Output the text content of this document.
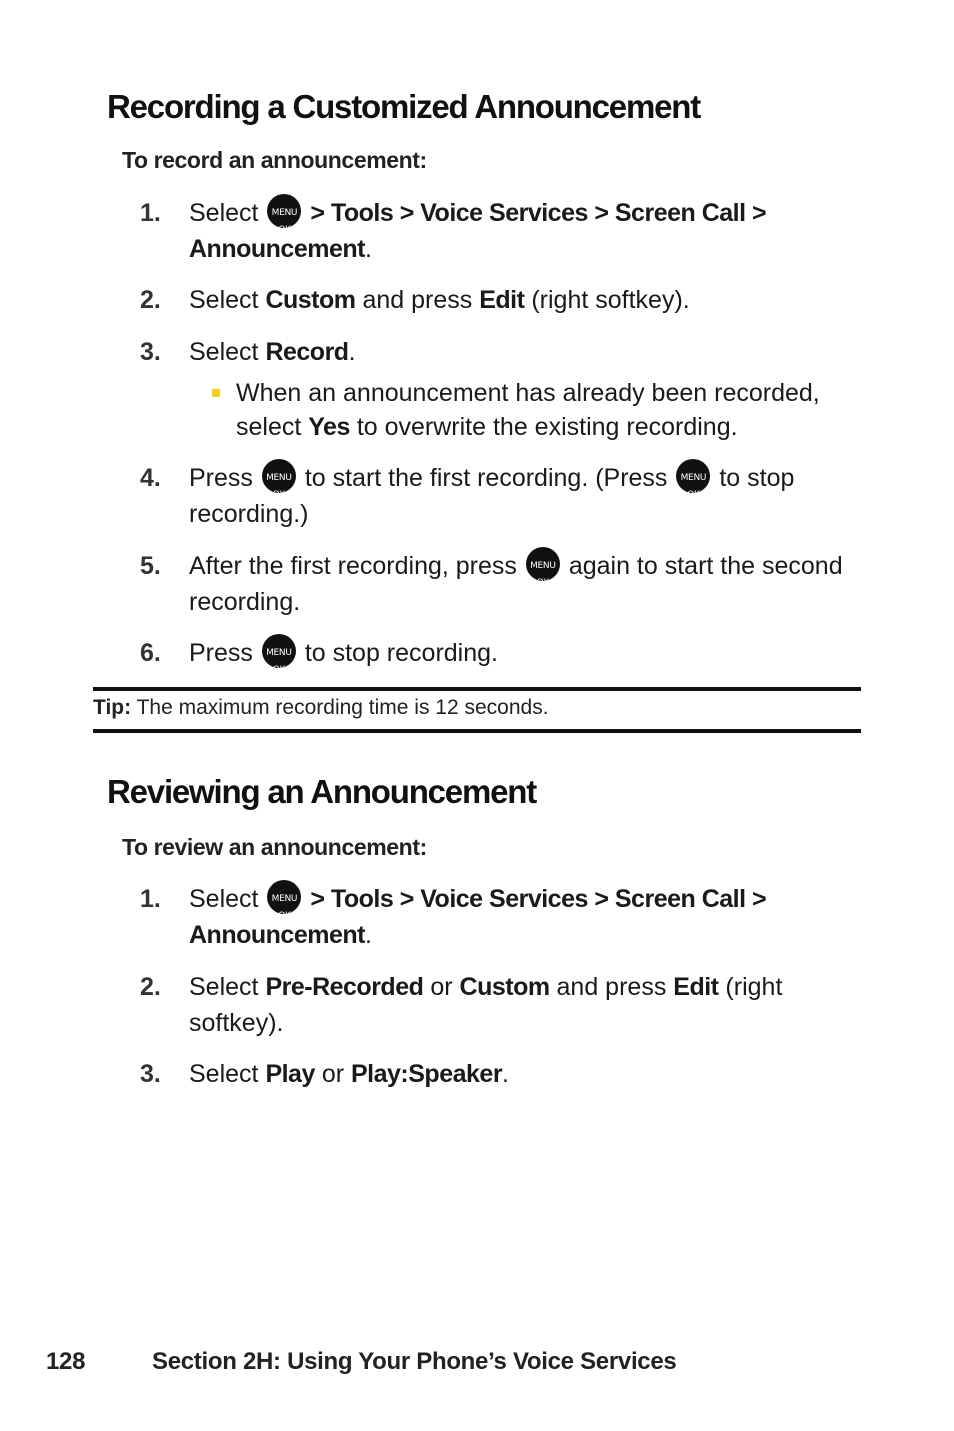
Recording a Customized Announcement

To record an announcement:

1.	Select	MENU
OK
> Tools > Voice Services > Screen Call >
Announcement.
2.	Select Custom and press Edit (right softkey).
3.	Select Record.
When an announcement has already been recorded, select Yes to overwrite the existing recording.
4.	Press	MENU
OK
to start the first recording. (Press	MENU
OK
to stop recording.)
5.	After the first recording, press	MENU
OK
again to start the second recording.
6.	Press	MENU
OK
to stop recording.
Tip: The maximum recording time is 12 seconds.
Reviewing an Announcement

To review an announcement:

1.	Select	MENU
OK
> Tools > Voice Services > Screen Call >
Announcement.
2.	Select Pre-Recorded or Custom and press Edit (right softkey).
3.	Select Play or Play:Speaker.
128	Section 2H: Using Your Phone’s Voice Services
